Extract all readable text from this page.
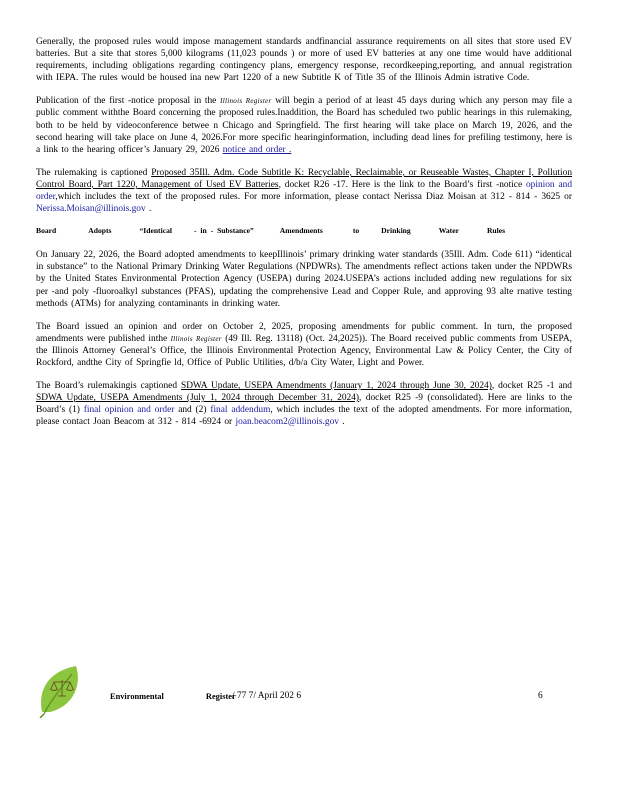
Generally, the proposed rules would impose management standards andfinancial assurance requirements on all sites that store used EV batteries. But a site that stores 5,000 kilograms (11,023 pounds ) or more of used EV batteries at any one time would have additional requirements, including obligations regarding contingency plans, emergency response, recordkeeping,reporting, and annual registration with IEPA. The rules would be housed ina new Part 1220 of a new Subtitle K of Title 35 of the Illinois Admin istrative Code.

Publication of the first -notice proposal in the Illinois Register will begin a period of at least 45 days during which any person may file a public comment withthe Board concerning the proposed rules.Inaddition, the Board has scheduled two public hearings in this rulemaking, both to be held by videoconference betwee n Chicago and Springfield. The first hearing will take place on March 19, 2026, and the second hearing will take place on June 4, 2026.For more specific hearinginformation, including dead lines for prefiling testimony, here is a link to the hearing officer’s January 29, 2026 notice and order .

The rulemaking is captioned Proposed 35Ill. Adm. Code Subtitle K: Recyclable, Reclaimable, or Reuseable Wastes, Chapter I, Pollution Control Board, Part 1220, Management of Used EV Batteries, docket R26 -17. Here is the link to the Board’s first -notice opinion and order,which includes the text of the proposed rules. For more information, please contact Nerissa Diaz Moisan at 312 - 814 - 3625 or Nerissa.Moisan@illinois.gov .

Board	Adopts	“Identical	- in - Substance”	Amendments	to	Drinking	Water	Rules

On January 22, 2026, the Board adopted amendments to keepIllinois’ primary drinking water standards (35Ill. Adm. Code 611) “identical in substance” to the National Primary Drinking Water Regulations (NPDWRs). The amendments reflect actions taken under the NPDWRs by the United States Environmental Protection Agency (USEPA) during 2024.USEPA’s actions included adding new regulations for six per -and poly -fluoroalkyl substances (PFAS), updating the comprehensive Lead and Copper Rule, and approving 93 alte rnative testing methods (ATMs) for analyzing contaminants in drinking water.

The Board issued an opinion and order on October 2, 2025, proposing amendments for public comment. In turn, the proposed amendments were published inthe Illinois Register (49 Ill. Reg. 13118) (Oct. 24,2025)). The Board received public comments from USEPA, the Illinois Attorney General’s Office, the Illinois Environmental Protection Agency, Environmental Law & Policy Center, the City of Rockford, andthe City of Springfie ld, Office of Public Utilities, d/b/a City Water, Light and Power.

The Board’s rulemakingis captioned SDWA Update, USEPA Amendments (January 1, 2024 through June 30, 2024), docket R25 -1 and SDWA Update, USEPA Amendments (July 1, 2024 through December 31, 2024), docket R25 -9 (consolidated). Here are links to the Board’s (1) final opinion and order and (2) final addendum, which includes the text of the adopted amendments. For more information, please contact Joan Beacom at 312 - 814 -6924 or joan.beacom2@illinois.gov .

Environmental Register
/ 77 7/ April 202 6	6
